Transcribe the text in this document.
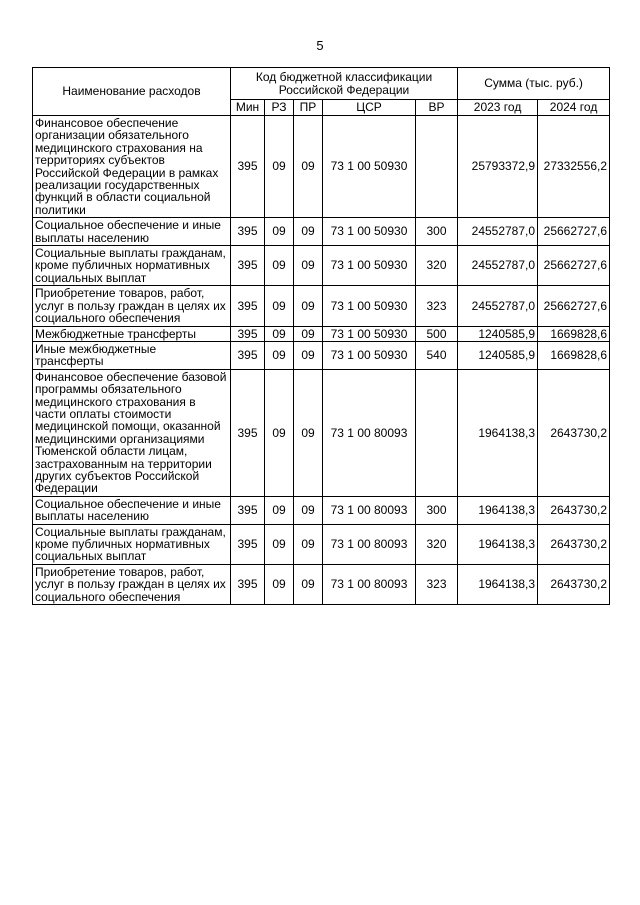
5
Наименование расходов	Код бюджетной классификации Российской Федерации					Сумма (тыс. руб.)	
	Мин	РЗ	ПР	ЦСР	ВР	2023 год	2024 год
Финансовое обеспечение организации обязательного медицинского страхования на территориях субъектов Российской Федерации в рамках реализации государственных функций в области социальной политики	395	09	09	73 1 00 50930		25793372,9	27332556,2
Социальное обеспечение и иные выплаты населению	395	09	09	73 1 00 50930	300	24552787,0	25662727,6
Социальные выплаты гражданам, кроме публичных нормативных социальных выплат	395	09	09	73 1 00 50930	320	24552787,0	25662727,6
Приобретение товаров, работ, услуг в пользу граждан в целях их социального обеспечения	395	09	09	73 1 00 50930	323	24552787,0	25662727,6
Межбюджетные трансферты	395	09	09	73 1 00 50930	500	1240585,9	1669828,6
Иные межбюджетные трансферты	395	09	09	73 1 00 50930	540	1240585,9	1669828,6
Финансовое обеспечение базовой программы обязательного медицинского страхования в части оплаты стоимости медицинской помощи, оказанной медицинскими организациями Тюменской области лицам, застрахованным на территории других субъектов Российской Федерации	395	09	09	73 1 00 80093		1964138,3	2643730,2
Социальное обеспечение и иные выплаты населению	395	09	09	73 1 00 80093	300	1964138,3	2643730,2
Социальные выплаты гражданам, кроме публичных нормативных социальных выплат	395	09	09	73 1 00 80093	320	1964138,3	2643730,2
Приобретение товаров, работ, услуг в пользу граждан в целях их социального обеспечения	395	09	09	73 1 00 80093	323	1964138,3	2643730,2
